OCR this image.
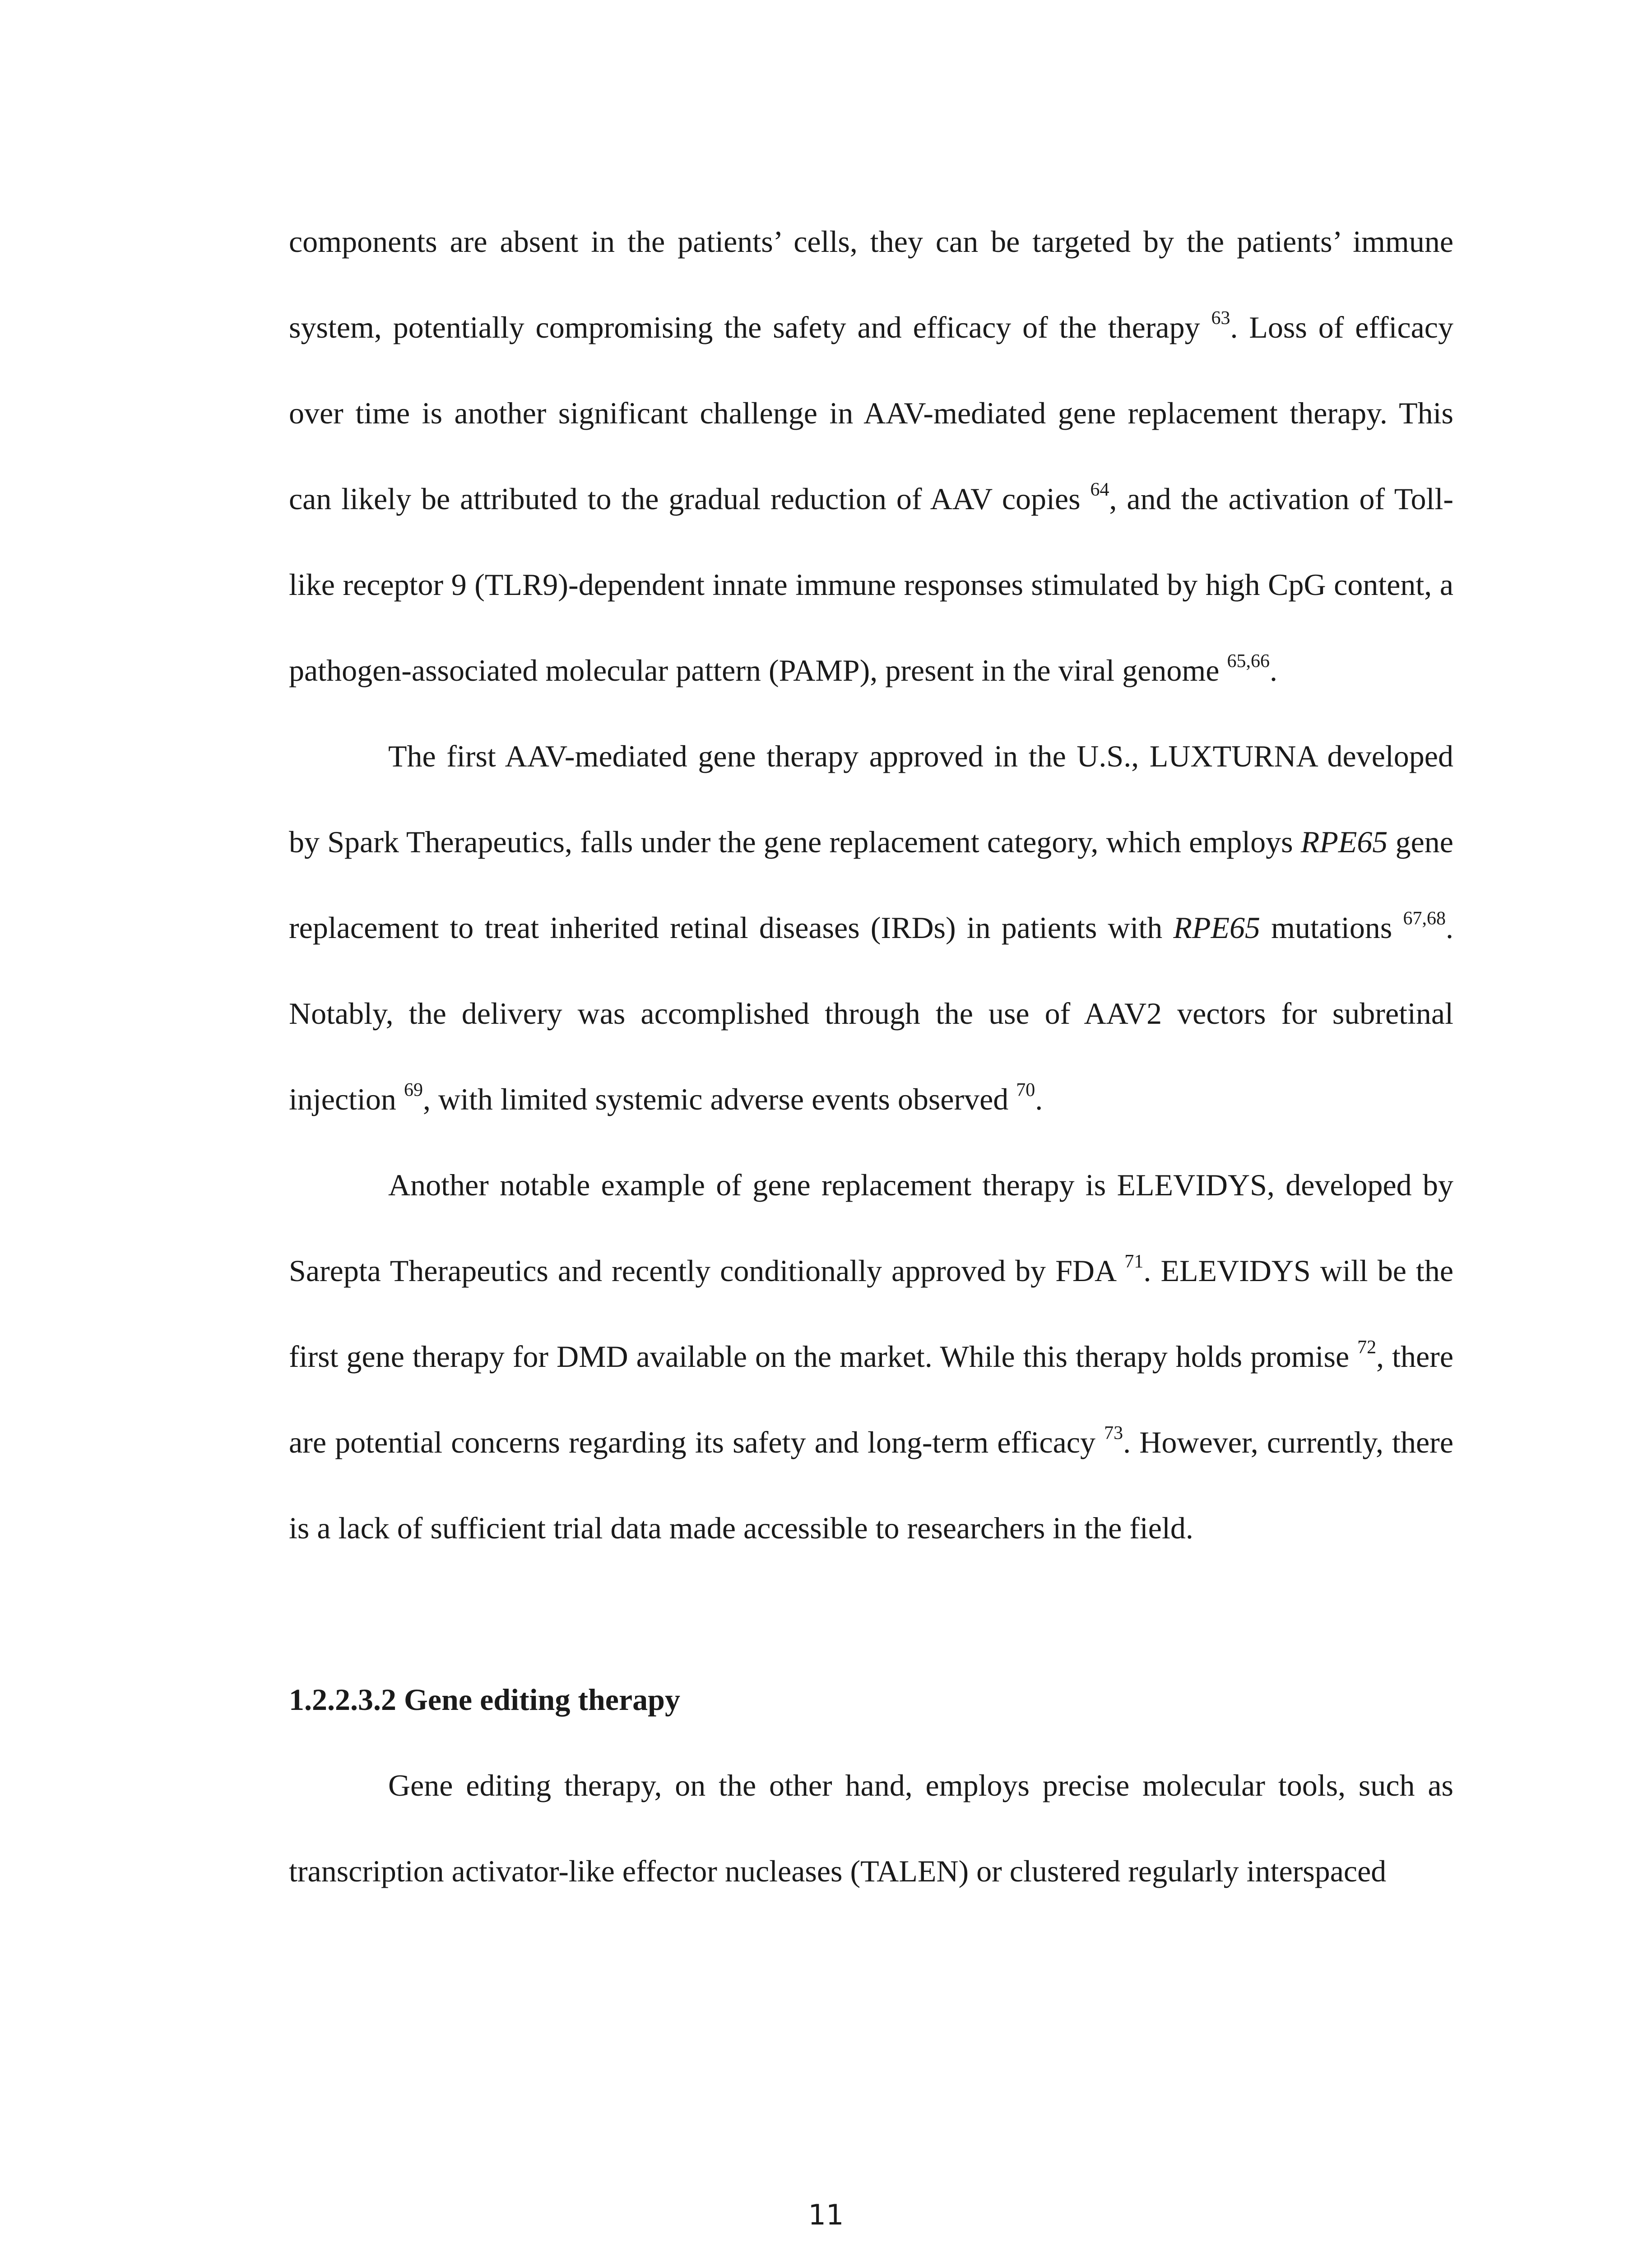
components are absent in the patients’ cells, they can be targeted by the patients’ immune system, potentially compromising the safety and efficacy of the therapy $^{63}$. Loss of efficacy over time is another significant challenge in AAV-mediated gene replacement therapy. This can likely be attributed to the gradual reduction of AAV copies $^{64}$, and the activation of Toll-like receptor 9 (TLR9)-dependent innate immune responses stimulated by high CpG content, a pathogen-associated molecular pattern (PAMP), present in the viral genome $^{65,66}$.

The first AAV-mediated gene therapy approved in the U.S., LUXTURNA developed by Spark Therapeutics, falls under the gene replacement category, which employs RPE65 gene replacement to treat inherited retinal diseases (IRDs) in patients with RPE65 mutations $^{67,68}$. Notably, the delivery was accomplished through the use of AAV2 vectors for subretinal injection $^{69}$, with limited systemic adverse events observed $^{70}$.

Another notable example of gene replacement therapy is ELEVIDYS, developed by Sarepta Therapeutics and recently conditionally approved by FDA $^{71}$. ELEVIDYS will be the first gene therapy for DMD available on the market. While this therapy holds promise $^{72}$, there are potential concerns regarding its safety and long-term efficacy $^{73}$. However, currently, there is a lack of sufficient trial data made accessible to researchers in the field.

1.2.2.3.2 Gene editing therapy

Gene editing therapy, on the other hand, employs precise molecular tools, such as transcription activator-like effector nucleases (TALEN) or clustered regularly interspaced

11
